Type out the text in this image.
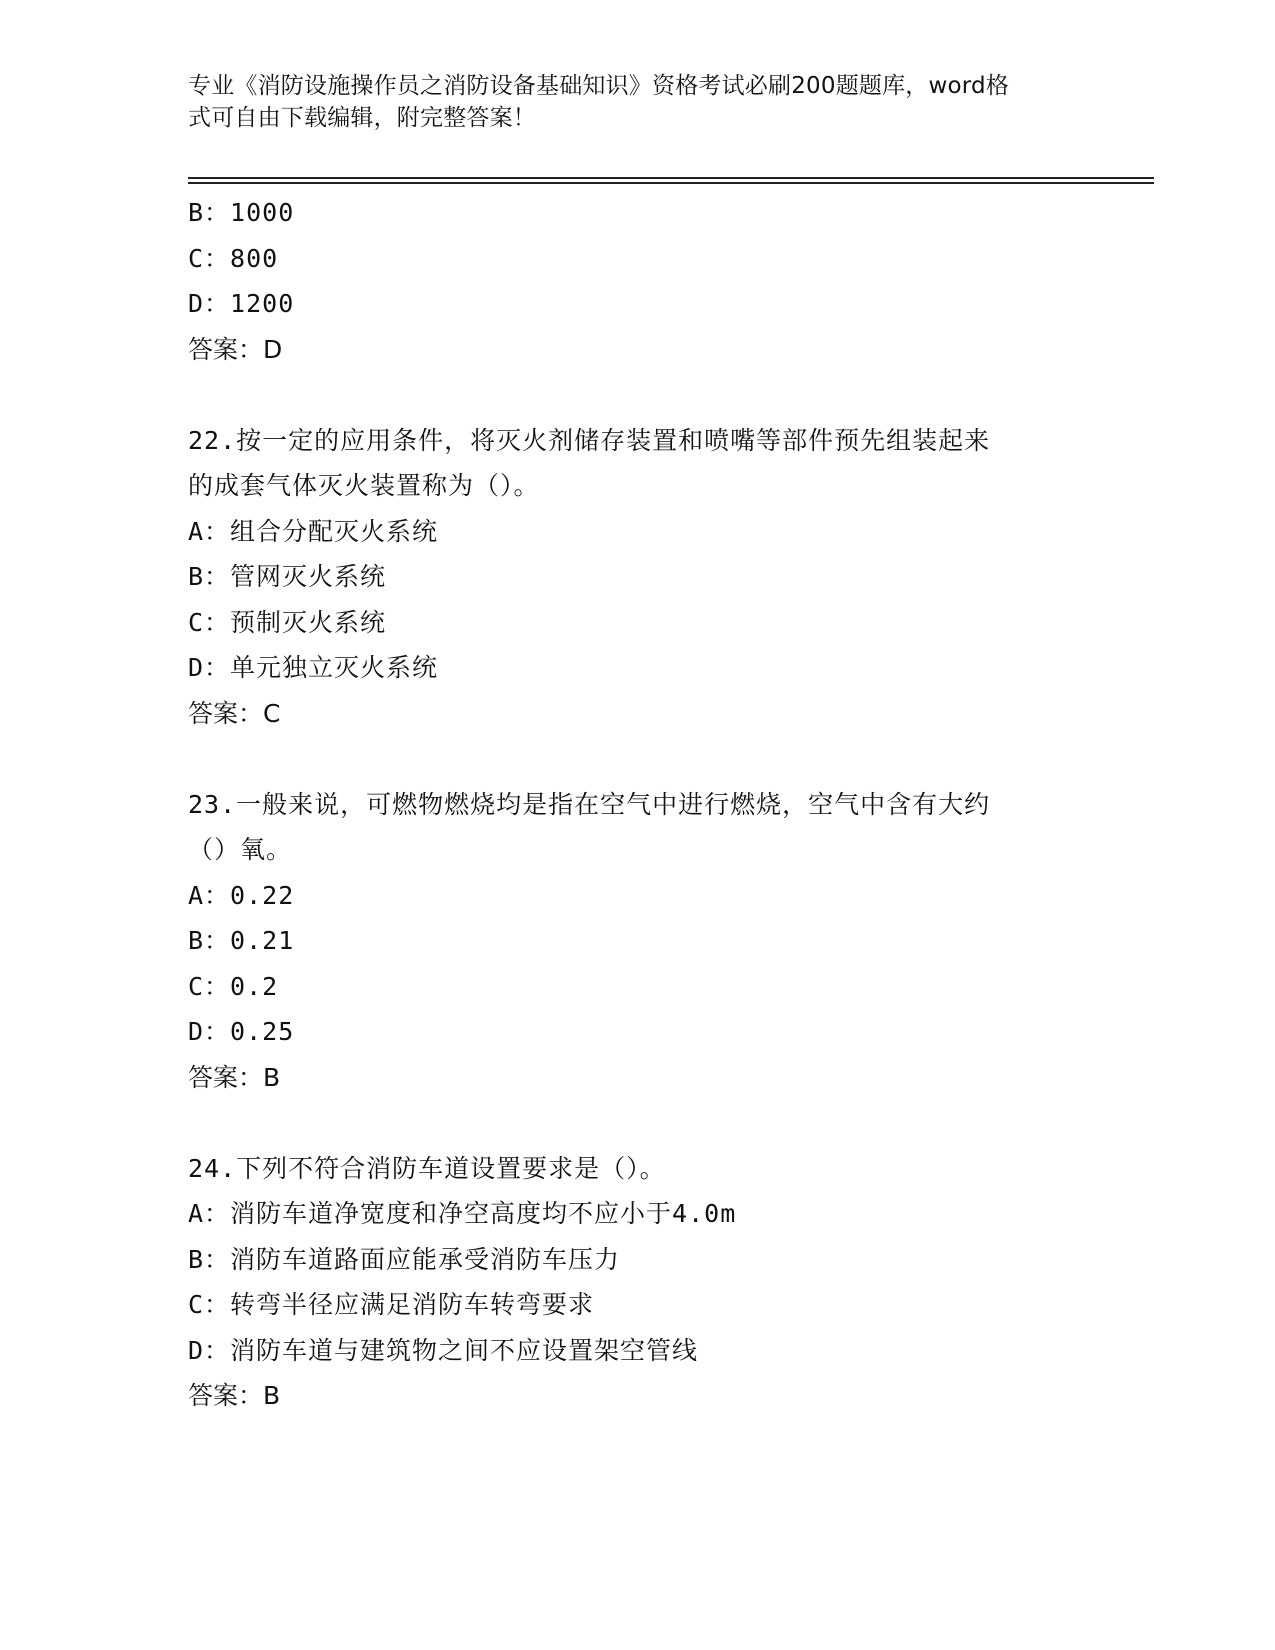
专业《消防设施操作员之消防设备基础知识》资格考试必刷200题题库，word格
式可自由下载编辑，附完整答案！
B：1000
C：800
D：1200
答案：D
22.按一定的应用条件，将灭火剂储存装置和喷嘴等部件预先组装起来
的成套气体灭火装置称为（）。
A：组合分配灭火系统
B：管网灭火系统
C：预制灭火系统
D：单元独立灭火系统
答案：C
23.一般来说，可燃物燃烧均是指在空气中进行燃烧，空气中含有大约
（）氧。
A：0.22
B：0.21
C：0.2
D：0.25
答案：B
24.下列不符合消防车道设置要求是（）。
A：消防车道净宽度和净空高度均不应小于4.0m
B：消防车道路面应能承受消防车压力
C：转弯半径应满足消防车转弯要求
D：消防车道与建筑物之间不应设置架空管线
答案：B
